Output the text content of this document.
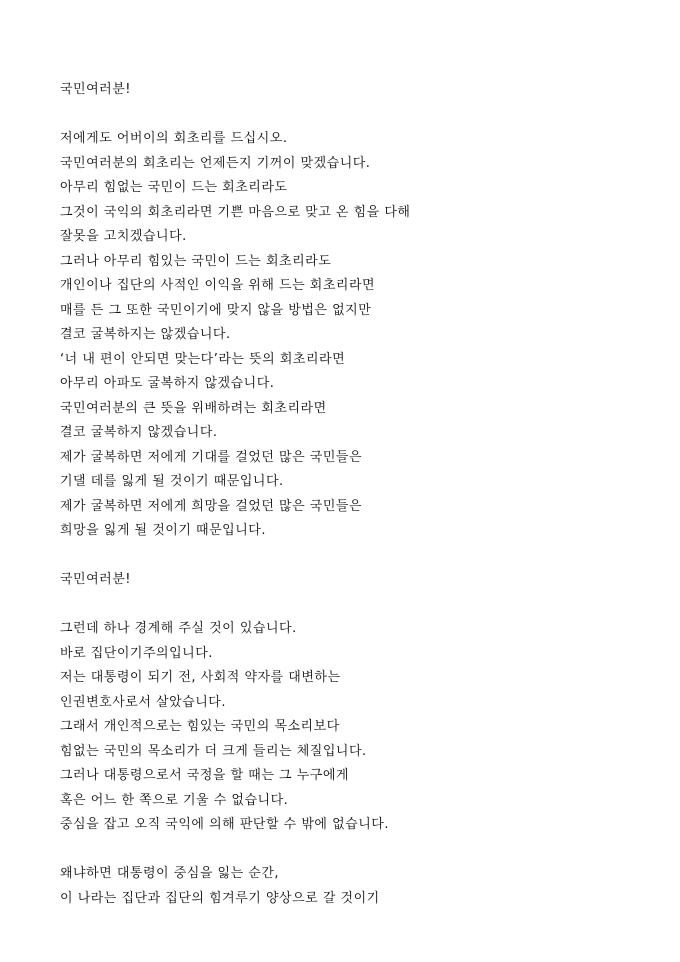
국민여러분!
저에게도 어버이의 회초리를 드십시오.
국민여러분의 회초리는 언제든지 기꺼이 맞겠습니다.
아무리 힘없는 국민이 드는 회초리라도
그것이 국익의 회초리라면 기쁜 마음으로 맞고 온 힘을 다해
잘못을 고치겠습니다.
그러나 아무리 힘있는 국민이 드는 회초리라도
개인이나 집단의 사적인 이익을 위해 드는 회초리라면
매를 든 그 또한 국민이기에 맞지 않을 방법은 없지만
결코 굴복하지는 않겠습니다.
‘너 내 편이 안되면 맞는다’라는 뜻의 회초리라면
아무리 아파도 굴복하지 않겠습니다.
국민여러분의 큰 뜻을 위배하려는 회초리라면
결코 굴복하지 않겠습니다.
제가 굴복하면 저에게 기대를 걸었던 많은 국민들은
기댈 데를 잃게 될 것이기 때문입니다.
제가 굴복하면 저에게 희망을 걸었던 많은 국민들은
희망을 잃게 될 것이기 때문입니다.
국민여러분!
그런데 하나 경계해 주실 것이 있습니다.
바로 집단이기주의입니다.
저는 대통령이 되기 전, 사회적 약자를 대변하는
인권변호사로서 살았습니다.
그래서 개인적으로는 힘있는 국민의 목소리보다
힘없는 국민의 목소리가 더 크게 들리는 체질입니다.
그러나 대통령으로서 국정을 할 때는 그 누구에게
혹은 어느 한 쪽으로 기울 수 없습니다.
중심을 잡고 오직 국익에 의해 판단할 수 밖에 없습니다.
왜냐하면 대통령이 중심을 잃는 순간,
이 나라는 집단과 집단의 힘겨루기 양상으로 갈 것이기
